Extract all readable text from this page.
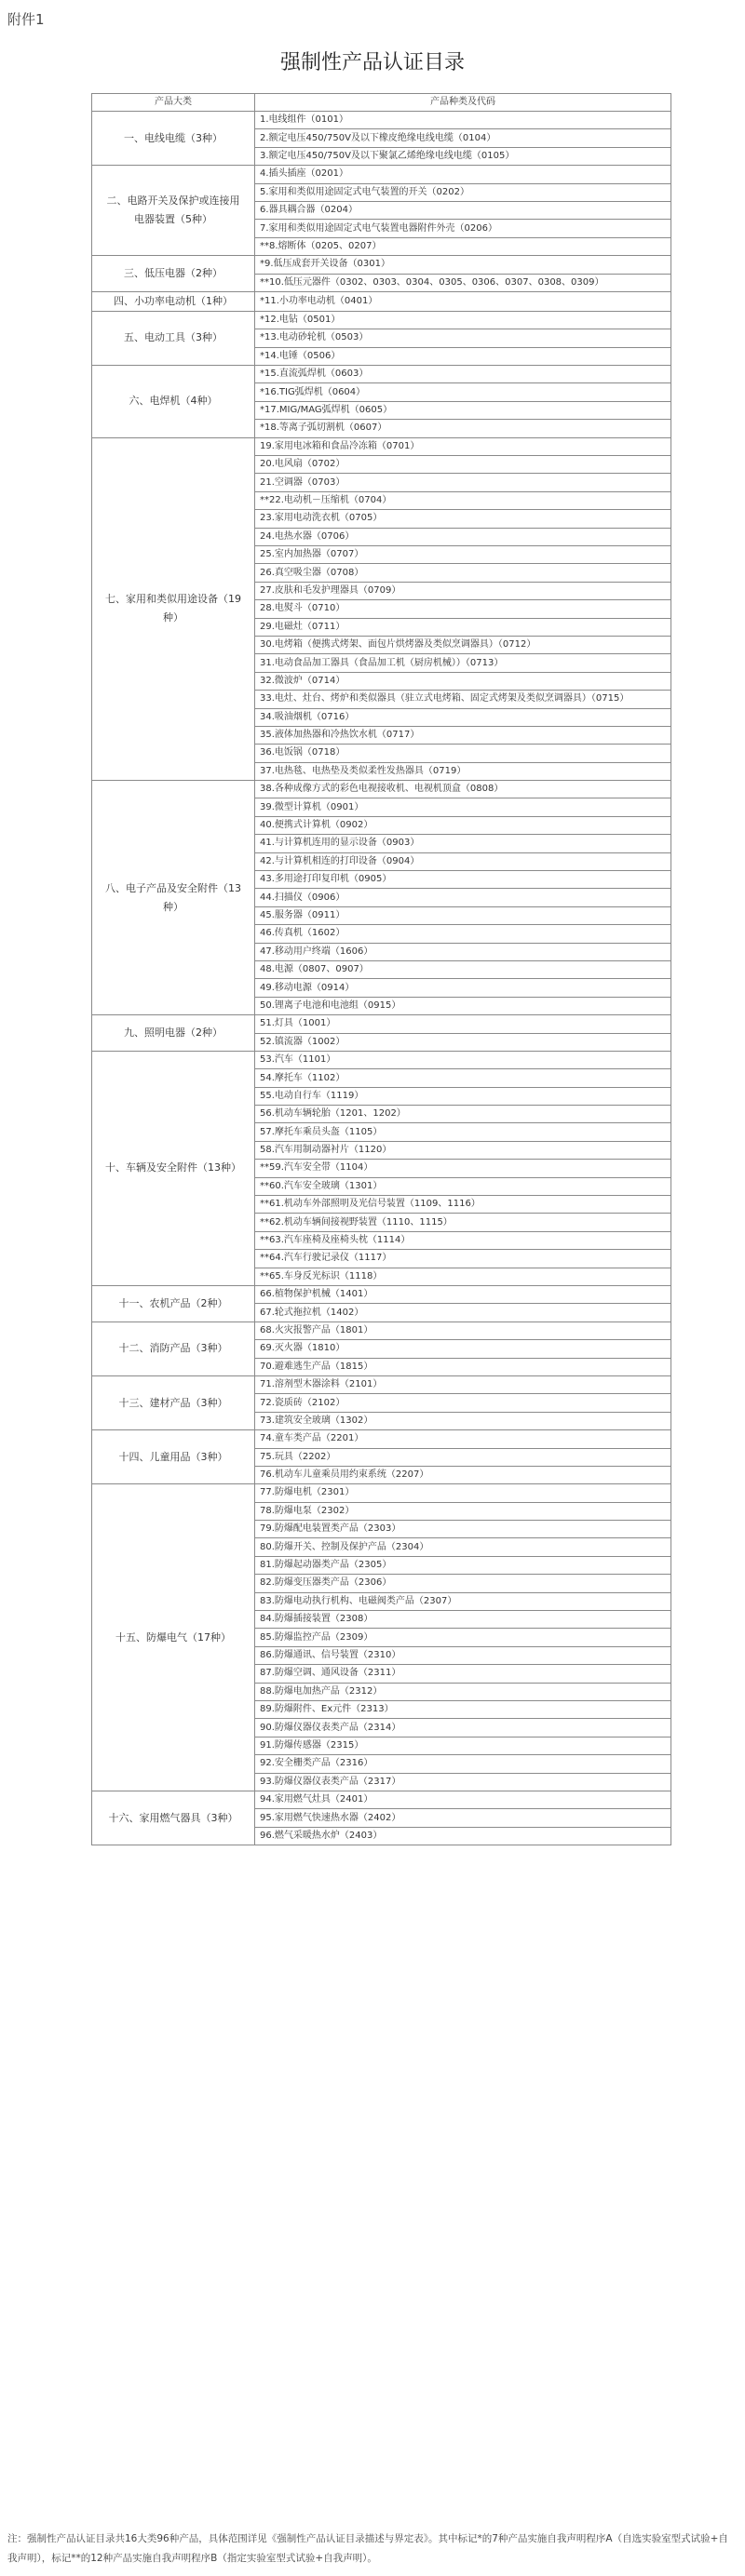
附件1
强制性产品认证目录
产品大类	产品种类及代码
一、电线电缆（3种）	1.电线组件（0101）
	2.额定电压450/750V及以下橡皮绝缘电线电缆（0104）
	3.额定电压450/750V及以下聚氯乙烯绝缘电线电缆（0105）
二、电路开关及保护或连接用电器装置（5种）	4.插头插座（0201）
	5.家用和类似用途固定式电气装置的开关（0202）
	6.器具耦合器（0204）
	7.家用和类似用途固定式电气装置电器附件外壳（0206）
	**8.熔断体（0205、0207）
三、低压电器（2种）	*9.低压成套开关设备（0301）
	**10.低压元器件（0302、0303、0304、0305、0306、0307、0308、0309）
四、小功率电动机（1种）	*11.小功率电动机（0401）
五、电动工具（3种）	*12.电钻（0501）
	*13.电动砂轮机（0503）
	*14.电锤（0506）
六、电焊机（4种）	*15.直流弧焊机（0603）
	*16.TIG弧焊机（0604）
	*17.MIG/MAG弧焊机（0605）
	*18.等离子弧切割机（0607）
七、家用和类似用途设备（19种）	19.家用电冰箱和食品冷冻箱（0701）
	20.电风扇（0702）
	21.空调器（0703）
	**22.电动机－压缩机（0704）
	23.家用电动洗衣机（0705）
	24.电热水器（0706）
	25.室内加热器（0707）
	26.真空吸尘器（0708）
	27.皮肤和毛发护理器具（0709）
	28.电熨斗（0710）
	29.电磁灶（0711）
	30.电烤箱（便携式烤架、面包片烘烤器及类似烹调器具）（0712）
	31.电动食品加工器具（食品加工机（厨房机械））（0713）
	32.微波炉（0714）
	33.电灶、灶台、烤炉和类似器具（驻立式电烤箱、固定式烤架及类似烹调器具）（0715）
	34.吸油烟机（0716）
	35.液体加热器和冷热饮水机（0717）
	36.电饭锅（0718）
	37.电热毯、电热垫及类似柔性发热器具（0719）
八、电子产品及安全附件（13种）	38.各种成像方式的彩色电视接收机、电视机顶盒（0808）
	39.微型计算机（0901）
	40.便携式计算机（0902）
	41.与计算机连用的显示设备（0903）
	42.与计算机相连的打印设备（0904）
	43.多用途打印复印机（0905）
	44.扫描仪（0906）
	45.服务器（0911）
	46.传真机（1602）
	47.移动用户终端（1606）
	48.电源（0807、0907）
	49.移动电源（0914）
	50.锂离子电池和电池组（0915）
九、照明电器（2种）	51.灯具（1001）
	52.镇流器（1002）
十、车辆及安全附件（13种）	53.汽车（1101）
	54.摩托车（1102）
	55.电动自行车（1119）
	56.机动车辆轮胎（1201、1202）
	57.摩托车乘员头盔（1105）
	58.汽车用制动器衬片（1120）
	**59.汽车安全带（1104）
	**60.汽车安全玻璃（1301）
	**61.机动车外部照明及光信号装置（1109、1116）
	**62.机动车辆间接视野装置（1110、1115）
	**63.汽车座椅及座椅头枕（1114）
	**64.汽车行驶记录仪（1117）
	**65.车身反光标识（1118）
十一、农机产品（2种）	66.植物保护机械（1401）
	67.轮式拖拉机（1402）
十二、消防产品（3种）	68.火灾报警产品（1801）
	69.灭火器（1810）
	70.避难逃生产品（1815）
十三、建材产品（3种）	71.溶剂型木器涂料（2101）
	72.瓷质砖（2102）
	73.建筑安全玻璃（1302）
十四、儿童用品（3种）	74.童车类产品（2201）
	75.玩具（2202）
	76.机动车儿童乘员用约束系统（2207）
十五、防爆电气（17种）	77.防爆电机（2301）
	78.防爆电泵（2302）
	79.防爆配电装置类产品（2303）
	80.防爆开关、控制及保护产品（2304）
	81.防爆起动器类产品（2305）
	82.防爆变压器类产品（2306）
	83.防爆电动执行机构、电磁阀类产品（2307）
	84.防爆插接装置（2308）
	85.防爆监控产品（2309）
	86.防爆通讯、信号装置（2310）
	87.防爆空调、通风设备（2311）
	88.防爆电加热产品（2312）
	89.防爆附件、Ex元件（2313）
	90.防爆仪器仪表类产品（2314）
	91.防爆传感器（2315）
	92.安全栅类产品（2316）
	93.防爆仪器仪表类产品（2317）
十六、家用燃气器具（3种）	94.家用燃气灶具（2401）
	95.家用燃气快速热水器（2402）
	96.燃气采暖热水炉（2403）
注：强制性产品认证目录共16大类96种产品，具体范围详见《强制性产品认证目录描述与界定表》。其中标记*的7种产品实施自我声明程序A（自选实验室型式试验+自我声明），标记**的12种产品实施自我声明程序B（指定实验室型式试验+自我声明）。
